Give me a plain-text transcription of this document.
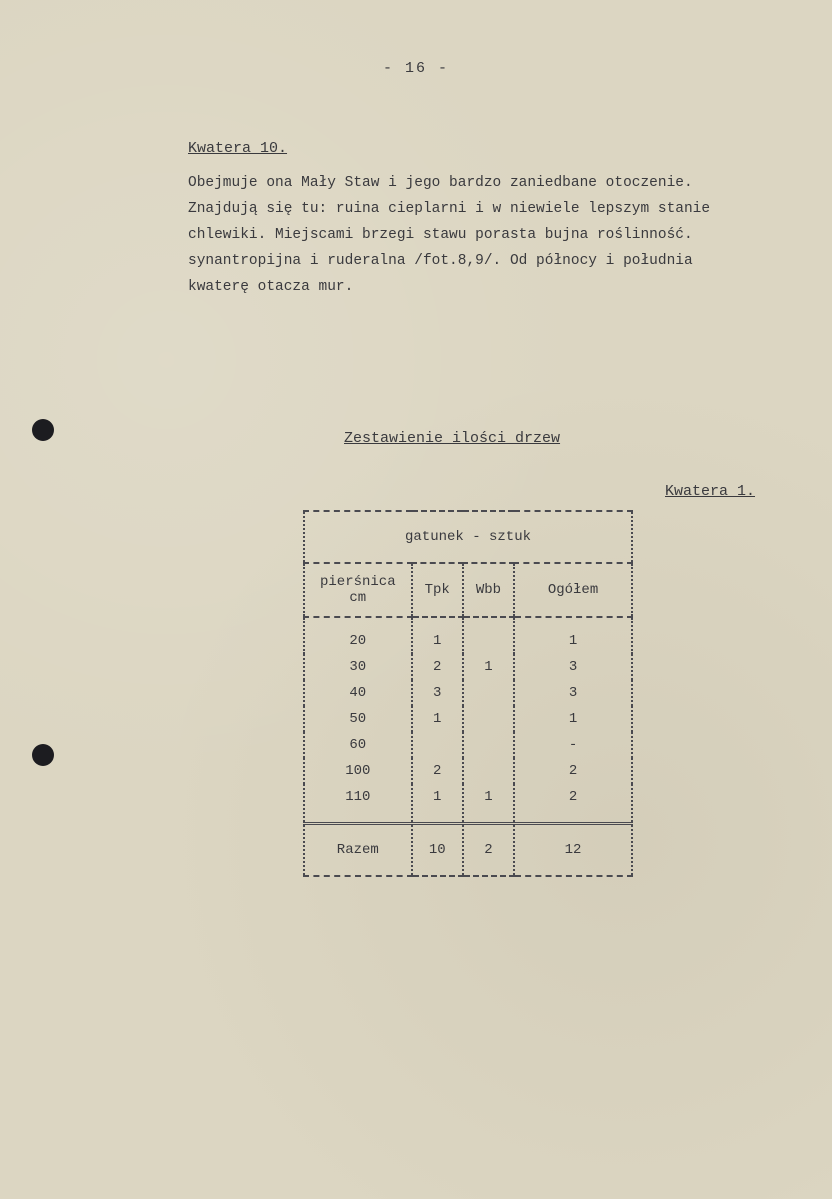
- 16 -
Kwatera 10.

Obejmuje ona Mały Staw i jego bardzo zaniedbane otoczenie.
Znajdują się tu: ruina cieplarni i w niewiele lepszym stanie
chlewiki. Miejscami brzegi stawu porasta bujna roślinność.
synantropijna i ruderalna /fot.8,9/. Od północy i południa
kwaterę otacza mur.

Zestawienie ilości drzew
Kwatera 1.
gatunek - sztuk			
pierśnica
cm	Tpk	Wbb	Ogółem
20	1		1
30	2	1	3
40	3		3
50	1		1
60			-
100	2		2
110	1	1	2
Razem	10	2	12
